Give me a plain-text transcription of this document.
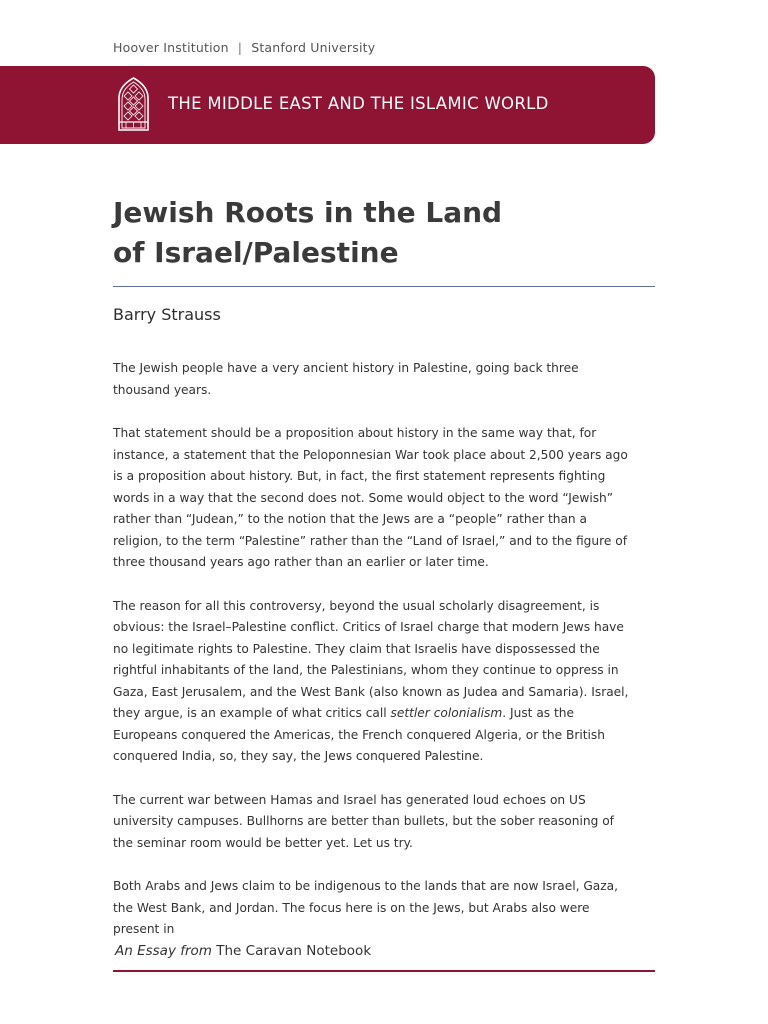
Hoover Institution | Stanford University
THE MIDDLE EAST AND THE ISLAMIC WORLD
Jewish Roots in the Land
of Israel/Palestine
Barry Strauss

The Jewish people have a very ancient history in Palestine, going back three thousand years.

That statement should be a proposition about history in the same way that, for instance, a statement that the Peloponnesian War took place about 2,500 years ago is a proposition about history. But, in fact, the first statement represents fighting words in a way that the second does not. Some would object to the word “Jewish” rather than “Judean,” to the notion that the Jews are a “people” rather than a religion, to the term “Palestine” rather than the “Land of Israel,” and to the figure of three thousand years ago rather than an earlier or later time.

The reason for all this controversy, beyond the usual scholarly disagreement, is obvious: the Israel–Palestine conflict. Critics of Israel charge that modern Jews have no legitimate rights to Palestine. They claim that Israelis have dispossessed the rightful inhabitants of the land, the Palestinians, whom they continue to oppress in Gaza, East Jerusalem, and the West Bank (also known as Judea and Samaria). Israel, they argue, is an example of what critics call settler colonialism. Just as the Europeans conquered the Americas, the French conquered Algeria, or the British conquered India, so, they say, the Jews conquered Palestine.

The current war between Hamas and Israel has generated loud echoes on US university campuses. Bullhorns are better than bullets, but the sober reasoning of the seminar room would be better yet. Let us try.

Both Arabs and Jews claim to be indigenous to the lands that are now Israel, Gaza, the West Bank, and Jordan. The focus here is on the Jews, but Arabs also were present in

An Essay from The Caravan Notebook
